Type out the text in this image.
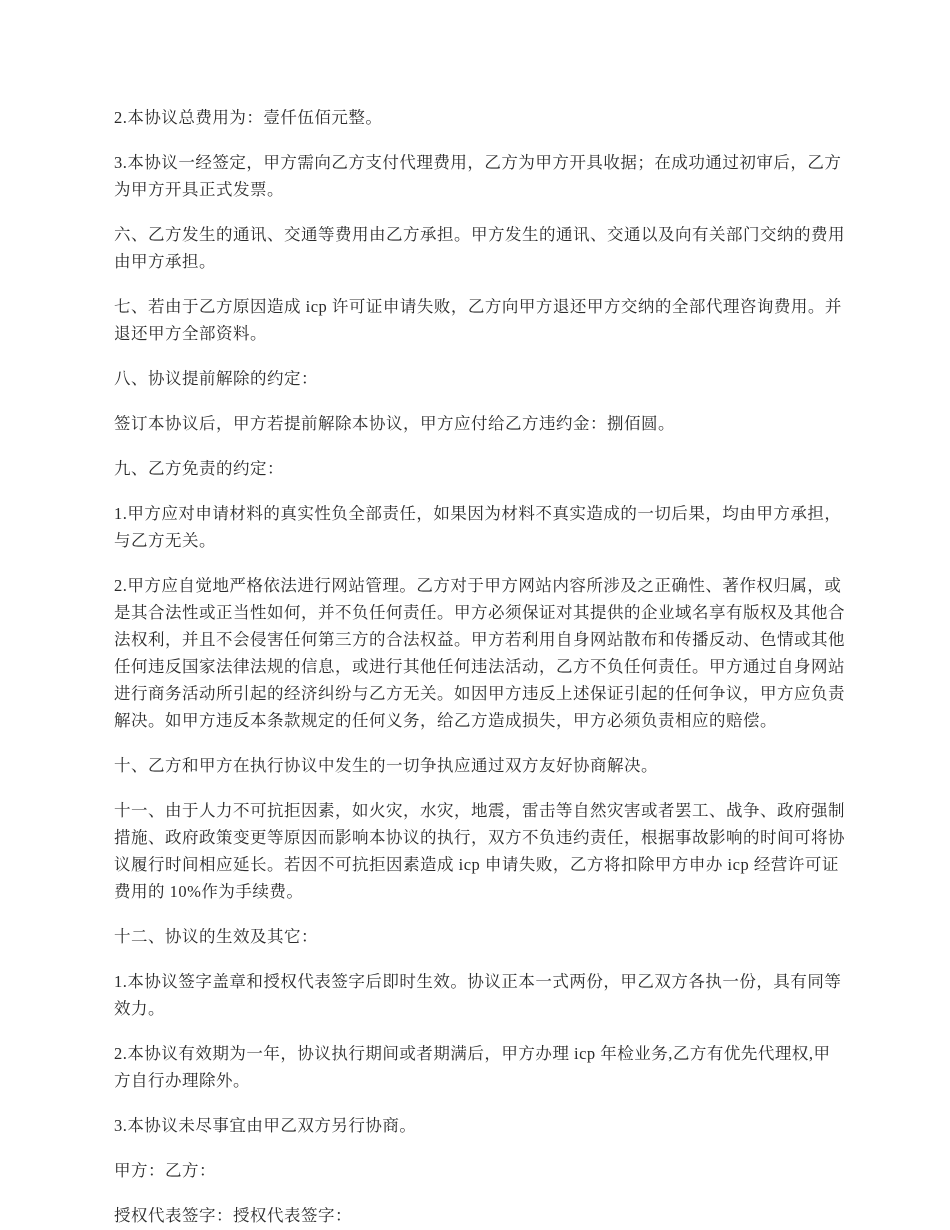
2.本协议总费用为：壹仟伍佰元整。

3.本协议一经签定，甲方需向乙方支付代理费用，乙方为甲方开具收据；在成功通过初审后，乙方为甲方开具正式发票。

六、乙方发生的通讯、交通等费用由乙方承担。甲方发生的通讯、交通以及向有关部门交纳的费用由甲方承担。

七、若由于乙方原因造成 icp 许可证申请失败，乙方向甲方退还甲方交纳的全部代理咨询费用。并退还甲方全部资料。

八、协议提前解除的约定：

签订本协议后，甲方若提前解除本协议，甲方应付给乙方违约金：捌佰圆。

九、乙方免责的约定：

1.甲方应对申请材料的真实性负全部责任，如果因为材料不真实造成的一切后果，均由甲方承担，与乙方无关。

2.甲方应自觉地严格依法进行网站管理。乙方对于甲方网站内容所涉及之正确性、著作权归属，或是其合法性或正当性如何，并不负任何责任。甲方必须保证对其提供的企业域名享有版权及其他合法权利，并且不会侵害任何第三方的合法权益。甲方若利用自身网站散布和传播反动、色情或其他任何违反国家法律法规的信息，或进行其他任何违法活动，乙方不负任何责任。甲方通过自身网站进行商务活动所引起的经济纠纷与乙方无关。如因甲方违反上述保证引起的任何争议，甲方应负责解决。如甲方违反本条款规定的任何义务，给乙方造成损失，甲方必须负责相应的赔偿。

十、乙方和甲方在执行协议中发生的一切争执应通过双方友好协商解决。

十一、由于人力不可抗拒因素，如火灾，水灾，地震，雷击等自然灾害或者罢工、战争、政府强制措施、政府政策变更等原因而影响本协议的执行，双方不负违约责任，根据事故影响的时间可将协议履行时间相应延长。若因不可抗拒因素造成 icp 申请失败，乙方将扣除甲方申办 icp 经营许可证费用的 10%作为手续费。

十二、协议的生效及其它：

1.本协议签字盖章和授权代表签字后即时生效。协议正本一式两份，甲乙双方各执一份，具有同等效力。

2.本协议有效期为一年，协议执行期间或者期满后，甲方办理 icp 年检业务,乙方有优先代理权,甲方自行办理除外。

3.本协议未尽事宜由甲乙双方另行协商。

甲方：乙方：

授权代表签字：授权代表签字：
